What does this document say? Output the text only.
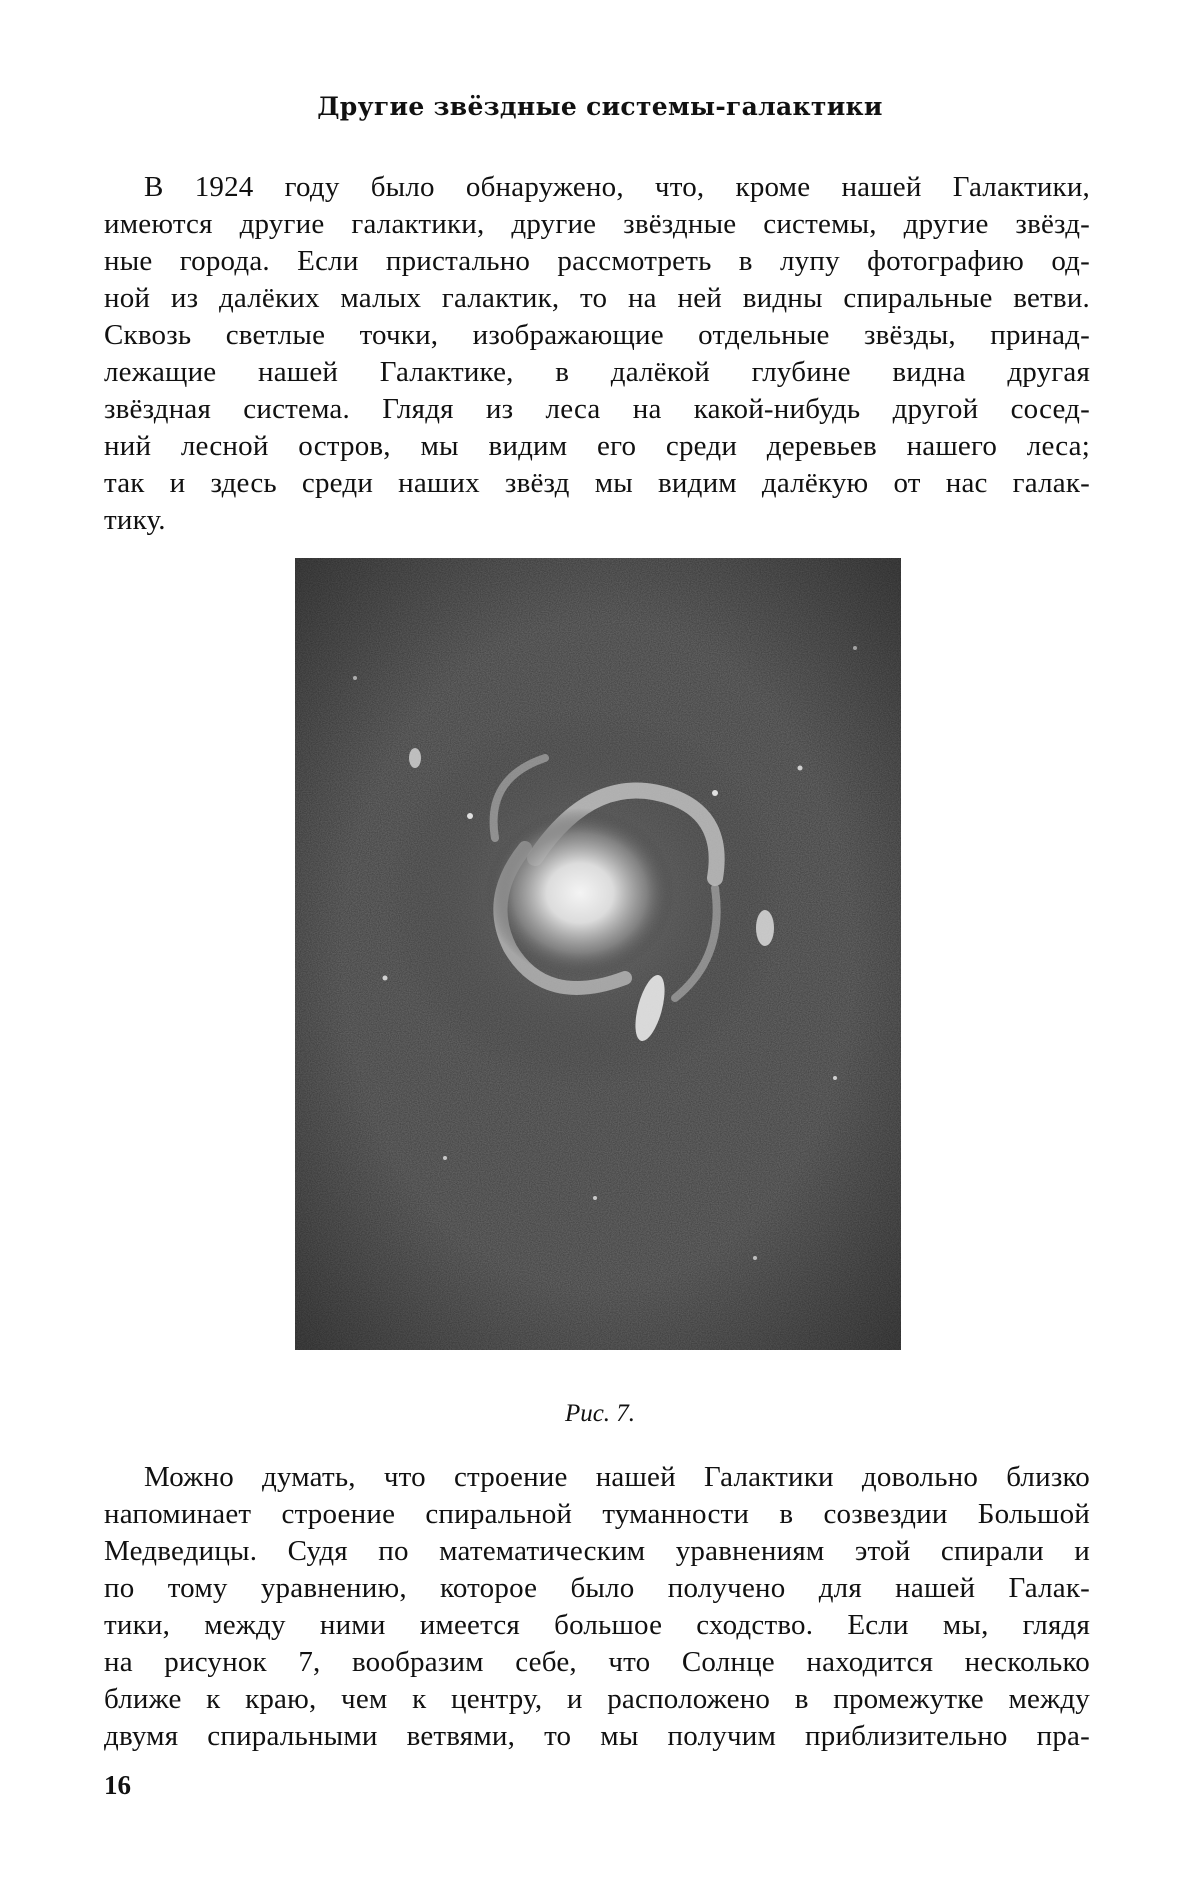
Другие звёздные системы-галактики
В 1924 году было обнаружено, что, кроме нашей Галактики,
имеются другие галактики, другие звёздные системы, другие звёзд-
ные города. Если пристально рассмотреть в лупу фотографию од-
ной из далёких малых галактик, то на ней видны спиральные ветви.
Сквозь светлые точки, изображающие отдельные звёзды, принад-
лежащие нашей Галактике, в далёкой глубине видна другая
звёздная система. Глядя из леса на какой-нибудь другой сосед-
ний лесной остров, мы видим его среди деревьев нашего леса;
так и здесь среди наших звёзд мы видим далёкую от нас галак-
тику.
Рис. 7.
Можно думать, что строение нашей Галактики довольно близко
напоминает строение спиральной туманности в созвездии Большой
Медведицы. Судя по математическим уравнениям этой спирали и
по тому уравнению, которое было получено для нашей Галак-
тики, между ними имеется большое сходство. Если мы, глядя
на рисунок 7, вообразим себе, что Солнце находится несколько
ближе к краю, чем к центру, и расположено в промежутке между
двумя спиральными ветвями, то мы получим приблизительно пра-
16
